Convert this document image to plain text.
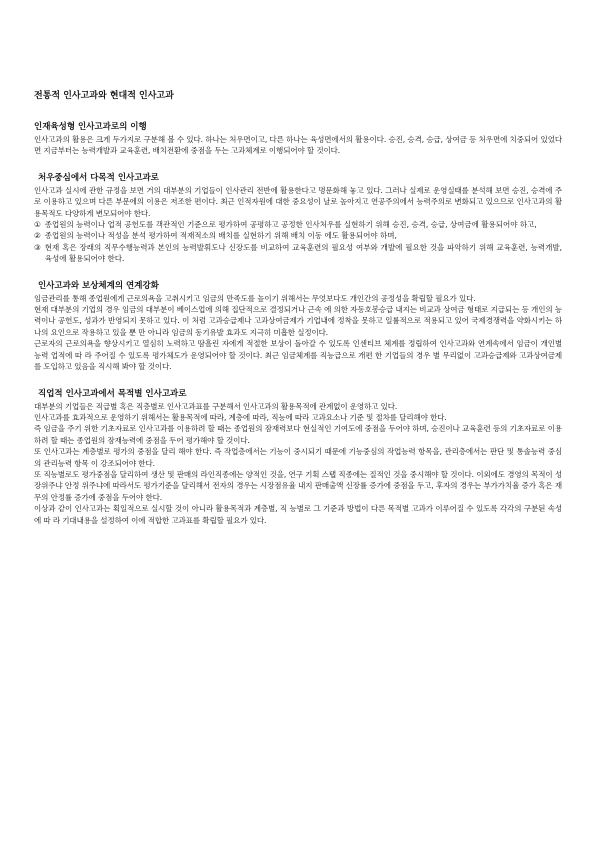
전통적 인사고과와 현대적 인사고과
인재육성형 인사고과로의 이행

인사고과의 활용은 크게 두가지로 구분해 볼 수 있다. 하나는 처우면이고, 다른 하나는 육성면에서의 활용이다. 승진, 승격, 승급, 상여금 등 처우면에 치중되어 있었다면 지금부터는 능력개발과 교육훈련, 배치전환에 중점을 두는 고과체계로 이행되어야 할 것이다.

처우중심에서 다목적 인사고과로

인사고과 실시에 관한 규정을 보면 거의 대부분의 기업들이 인사관리 전반에 활용한다고 명문화해 놓고 있다. 그러나 실제로 운영실태를 분석해 보면 승진, 승격에 주로 이용하고 있으며 다른 부문에의 이용은 저조한 편이다. 최근 인적자원에 대한 중요성이 날로 높아지고 연공주의에서 능력주의로 변화되고 있으므로 인사고과의 활용목적도 다양하게 변모되어야 한다.

① 종업원의 능력이나 업적 공헌도를 객관적인 기준으로 평가하여 공평하고 공정한 인사처우를 실현하기 위해 승진, 승격, 승급, 상여금에 활용되어야 하고,
② 종업원의 능력이나 적성을 분석 평가하여 적재적소의 배치를 실현하기 위해 배치 이동 에도 활용되어야 하며,
③ 현재 혹은 장래의 직무수행능력과 본인의 능력발휘도나 신장도를 비교하여 교육훈련의 필요성 여부와 개발에 필요한 것을 파악하기 위해 교육훈련, 능력개발, 육성에 활용되어야 한다.
인사고과와 보상체계의 연계강화

임금관리를 통해 종업원에게 근로의욕을 고취시키고 임금의 만족도를 높이기 위해서는 무엇보다도 개인간의 공정성을 확립할 필요가 있다.

현재 대부분의 기업의 경우 임금의 대부분이 베이스업에 의해 집단적으로 결정되거나 근속 에 의한 자동호봉승급 내지는 비교과 상여금 형태로 지급되는 등 개인의 능력이나 공헌도, 성과가 반영되지 못하고 있다. 이 처럼 고과승급제나 고과상여금제가 기업내에 정착을 못하고 일률적으로 적용되고 있어 국제경쟁력을 약화시키는 하나의 요인으로 작용하고 있을 뿐 만 아니라 임금의 동기유발 효과도 지극히 미흡한 실정이다.

근로자의 근로의욕을 향상시키고 열심히 노력하고 땀흘린 자에게 적절한 보상이 돌아갈 수 있도록 인센티브 체계를 정립하여 인사고과와 연계속에서 임금이 개인별 능력 업적에 따 라 주어질 수 있도록 평가체도가 운영되어야 할 것이다. 최근 임금체계를 직능급으로 개편 한 기업들의 경우 별 무리없이 고과승급제와 고과상여금제를 도입하고 있음을 직시해 봐야 할 것이다.

직업적 인사고과에서 목적별 인사고과로

대부분의 기업들은 직급별 혹은 직층별로 인사고과표를 구분해서 인사고과의 활용목적에 관계없이 운영하고 있다.

인사고과를 효과적으로 운영하기 위해서는 활용목적에 따라, 계층에 따라, 직능에 따라 고과요소나 기준 및 절차를 달리해야 한다.

즉 임금을 주기 위한 기초자료로 인사고과를 이용하려 할 때는 종업원의 잠재력보다 현실적인 기여도에 중점을 두어야 하며, 승진이나 교육훈련 등의 기초자료로 이용하려 할 때는 종업원의 잠재능력에 중점을 두어 평가해야 할 것이다.

또 인사고과는 계층별로 평가의 중점을 달리 해야 한다. 즉 작업층에서는 기능이 중시되기 때문에 기능중심의 작업능력 항목을, 관리층에서는 판단 및 통솔능력 중심의 관리능력 항목 이 강조되어야 한다.

또 직능별로도 평가중점을 달리하여 생산 및 판매의 라인직종에는 양적인 것을, 연구 기획 스탭 직종에는 질적인 것을 중시해야 할 것이다. 이외에도 경영의 목적이 성장위주냐 안정 위주냐에 따라서도 평가기준을 달리해서 전자의 경우는 시장점유율 내지 판매출액 신장률 증가에 중점을 두고, 후자의 경우는 부가가치율 증가 혹은 재무의 안정률 증가에 중점을 두어야 한다.

이상과 같이 인사고과는 획일적으로 실시할 것이 아니라 활용목적과 계층별, 직 능별로 그 기준과 방법이 다른 목적별 고과가 이루어질 수 있도록 각각의 구분된 속성에 따 라 기대내용을 설정하여 이에 적합한 고과표를 확립할 필요가 있다.
